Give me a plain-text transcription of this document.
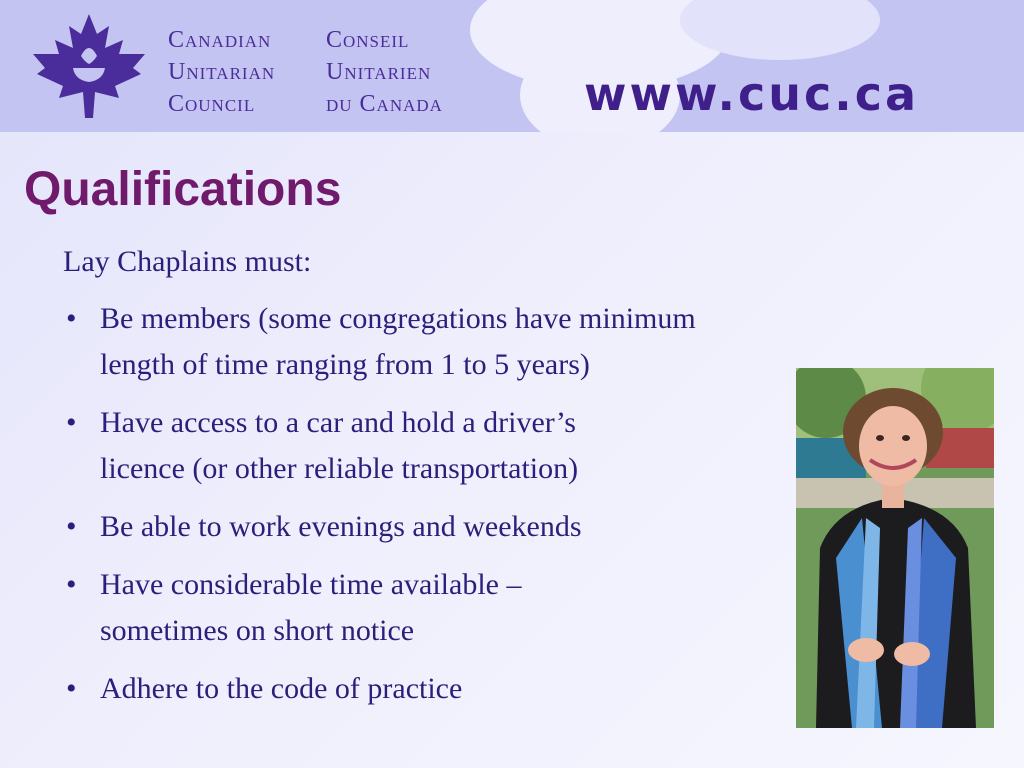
Canadian
Unitarian
Council
Conseil
Unitarien
du Canada	www.cuc.ca
Qualifications
Lay Chaplains must:
• Be members (some congregations have minimum
length of time ranging from 1 to 5 years)
• Have access to a car and hold a driver’s
licence (or other reliable transportation)
• Be able to work evenings and weekends
• Have considerable time available –
sometimes on short notice
• Adhere to the code of practice
